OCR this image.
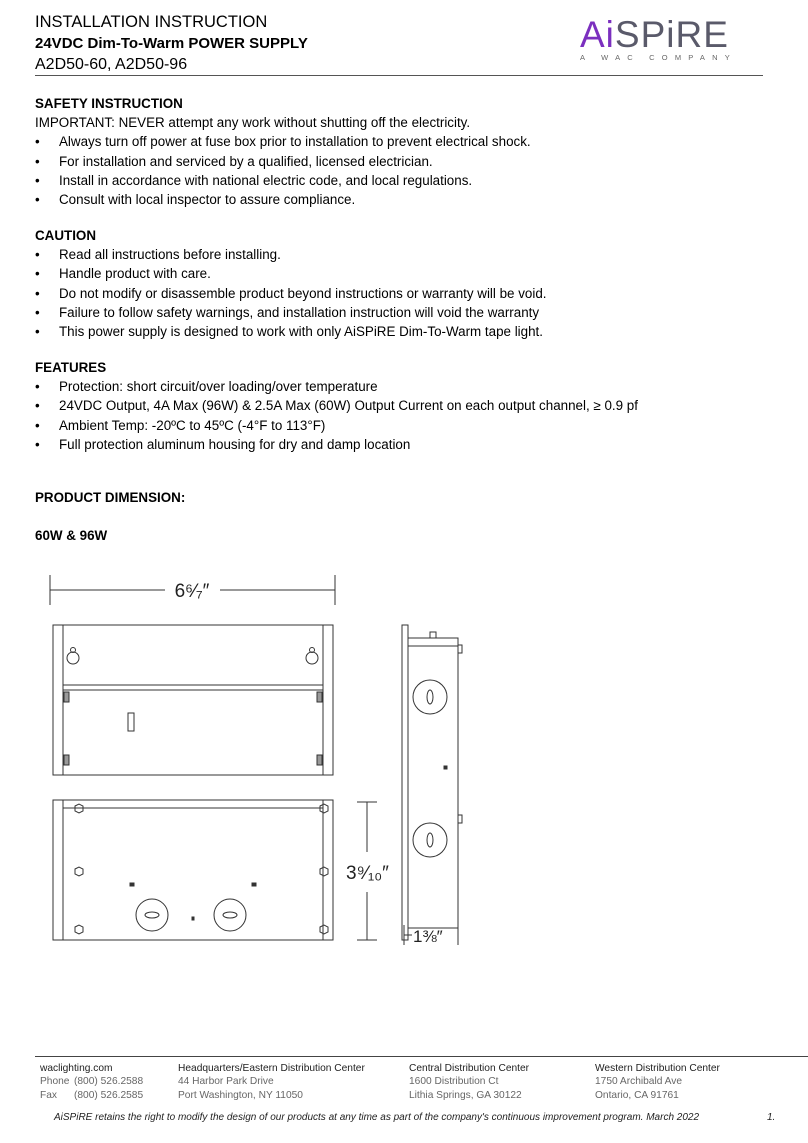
INSTALLATION INSTRUCTION
24VDC Dim-To-Warm POWER SUPPLY
A2D50-60, A2D50-96
AiSPiRE
A WAC COMPANY
SAFETY INSTRUCTION
IMPORTANT: NEVER attempt any work without shutting off the electricity.
• Always turn off power at fuse box prior to installation to prevent electrical shock.
• For installation and serviced by a qualified, licensed electrician.
• Install in accordance with national electric code, and local regulations.
• Consult with local inspector to assure compliance.
CAUTION
• Read all instructions before installing.
• Handle product with care.
• Do not modify or disassemble product beyond instructions or warranty will be void.
• Failure to follow safety warnings, and installation instruction will void the warranty
• This power supply is designed to work with only AiSPiRE Dim-To-Warm tape light.
FEATURES
• Protection: short circuit/over loading/over temperature
• 24VDC Output, 4A Max (96W) & 2.5A Max (60W) Output Current on each output channel, ≥ 0.9 pf
• Ambient Temp: -20ºC to 45ºC (-4°F to 113°F)
• Full protection aluminum housing for dry and damp location
PRODUCT DIMENSION:
60W & 96W
6⁶⁄₇″
3⁹⁄₁₀″
1⅜″
waclighting.com
Phone (800) 526.2588
Fax	(800) 526.2585
Headquarters/Eastern Distribution Center
44 Harbor Park Drive
Port Washington, NY 11050
Central Distribution Center
1600 Distribution Ct
Lithia Springs, GA 30122
Western Distribution Center
1750 Archibald Ave
Ontario, CA 91761
AiSPiRE retains the right to modify the design of our products at any time as part of the company's continuous improvement program. March 2022	1.
